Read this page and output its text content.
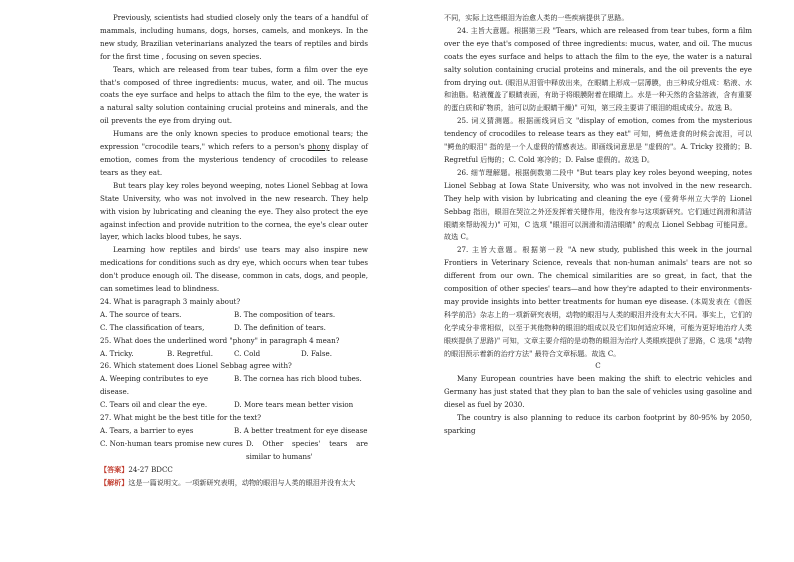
Previously, scientists had studied closely only the tears of a handful of mammals, including humans, dogs, horses, camels, and monkeys. In the new study, Brazilian veterinarians analyzed the tears of reptiles and birds for the first time , focusing on seven species.
Tears, which are released from tear tubes, form a film over the eye that's composed of three ingredients: mucus, water, and oil. The mucus coats the eye surface and helps to attach the film to the eye, the water is a natural salty solution containing crucial proteins and minerals, and the oil prevents the eye from drying out.
Humans are the only known species to produce emotional tears; the expression "crocodile tears," which refers to a person's phony display of emotion, comes from the mysterious tendency of crocodiles to release tears as they eat.
But tears play key roles beyond weeping, notes Lionel Sebbag at Iowa State University, who was not involved in the new research. They help with vision by lubricating and cleaning the eye. They also protect the eye against infection and provide nutrition to the cornea, the eye's clear outer layer, which lacks blood tubes, he says.
Learning how reptiles and birds' use tears may also inspire new medications for conditions such as dry eye, which occurs when tear tubes don't produce enough oil. The disease, common in cats, dogs, and people, can sometimes lead to blindness.
24. What is paragraph 3 mainly about?
A. The source of tears.	B. The composition of tears.
C. The classification of tears,	D. The definition of tears.
25. What does the underlined word "phony" in paragraph 4 mean?
A. Tricky.	B. Regretful.	C. Cold	D. False.
26. Which statement does Lionel Sebbag agree with?
A. Weeping contributes to eye disease.
B. The cornea has rich blood tubes.
C. Tears oil and clear the eye.	D. More tears mean better vision
27. What might be the best title for the text?
A. Tears, a barrier to eyes	B. A better treatment for eye disease
C. Non-human tears promise new cures D. Other species' tears are similar to humans'
【答案】24-27 BDCC
【解析】这是一篇说明文。一项新研究表明，动物的眼泪与人类的眼泪并没有太大
不同，实际上这些眼泪为治愈人类的一些疾病提供了思路。
24. 主旨大意题。根据第三段 "Tears, which are released from tear tubes, form a film over the eye that's composed of three ingredients: mucus, water, and oil. The mucus coats the eyes surface and helps to attach the film to the eye, the water is a natural salty solution containing crucial proteins and minerals, and the oil prevents the eye from drying out. (眼泪从泪管中释放出来，在眼睛上形成一层薄膜，由三种成分组成：粘液、水和油脂。粘液覆盖了眼睛表面，有助于将眼膜附着在眼睛上。水是一种天然的含盐溶液，含有重要的蛋白质和矿物质，油可以防止眼睛干燥)" 可知，第三段主要讲了眼泪的组成成分。故选 B。
25. 词义猜测题。根据画线词后文 "display of emotion, comes from the mysterious tendency of crocodiles to release tears as they eat" 可知，鳄鱼进食的时候会流泪，可以 "鳄鱼的眼泪" 指的是一个人虚假的情感表达。即画线词意思是 "虚假的"。A. Tricky 狡猾的；B. Regretful 后悔的；C. Cold 寒冷的；D. False 虚假的。故选 D。
26. 细节理解题。根据倒数第二段中 "But tears play key roles beyond weeping, notes Lionel Sebbag at Iowa State University, who was not involved in the new research. They help with vision by lubricating and cleaning the eye (爱荷华州立大学的 Lionel Sebbag 指出，眼泪在哭泣之外还发挥着关键作用，他没有参与这项新研究。它们通过润滑和清洁眼睛来帮助视力)" 可知，C 选项 "眼泪可以润滑和清洁眼睛" 的观点 Lionel Sebbag 可能同意。故选 C。
27. 主旨大意题。根据第一段 "A new study, published this week in the journal Frontiers in Veterinary Science, reveals that non-human animals' tears are not so different from our own. The chemical similarities are so great, in fact, that the composition of other species' tears—and how they're adapted to their environments-may provide insights into better treatments for human eye disease. (本周发表在《兽医科学前沿》杂志上的一项新研究表明，动物的眼泪与人类的眼泪并没有太大不同。事实上，它们的化学成分非常相似，以至于其他物种的眼泪的组成以及它们如何适应环境，可能为更好地治疗人类眼疾提供了思路)" 可知，文章主要介绍的是动物的眼泪为治疗人类眼疾提供了思路，C 选项 "动物的眼泪预示着新的治疗方法" 最符合文章标题。故选 C。
C
Many European countries have been making the shift to electric vehicles and Germany has just stated that they plan to ban the sale of vehicles using gasoline and diesel as fuel by 2030.
The country is also planning to reduce its carbon footprint by 80-95% by 2050, sparking
